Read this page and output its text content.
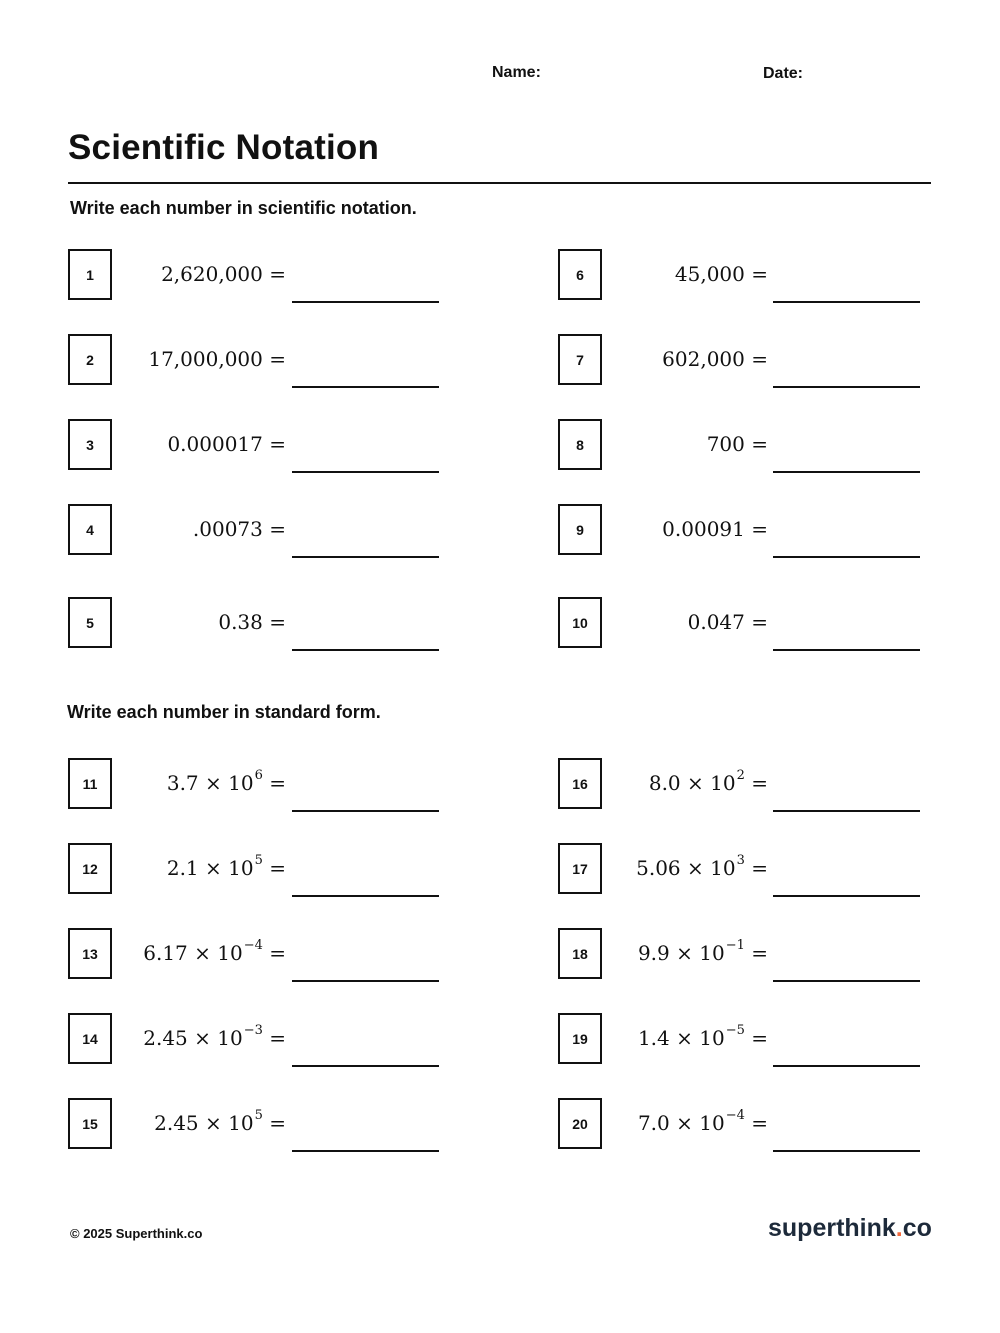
Name:	Date:
Scientific Notation
Write each number in scientific notation.
Write each number in standard form.
1	2,620,000 =
11	$3.7 \times 10^6$ =
2	17,000,000 =
12	$2.1 \times 10^5$ =
3	0.000017 =
13	$6.17 \times 10^{-4}$ =
4	.00073 =
14	$2.45 \times 10^{-3}$ =
5	0.38 =
15	$2.45 \times 10^5$ =
6	45,000 =
16	$8.0 \times 10^2$ =
7	602,000 =
17	$5.06 \times 10^3$ =
8	700 =
18	$9.9 \times 10^{-1}$ =
9	0.00091 =
19	$1.4 \times 10^{-5}$ =
10	0.047 =
20	$7.0 \times 10^{-4}$ =
© 2025 Superthink.co	superthink.co
